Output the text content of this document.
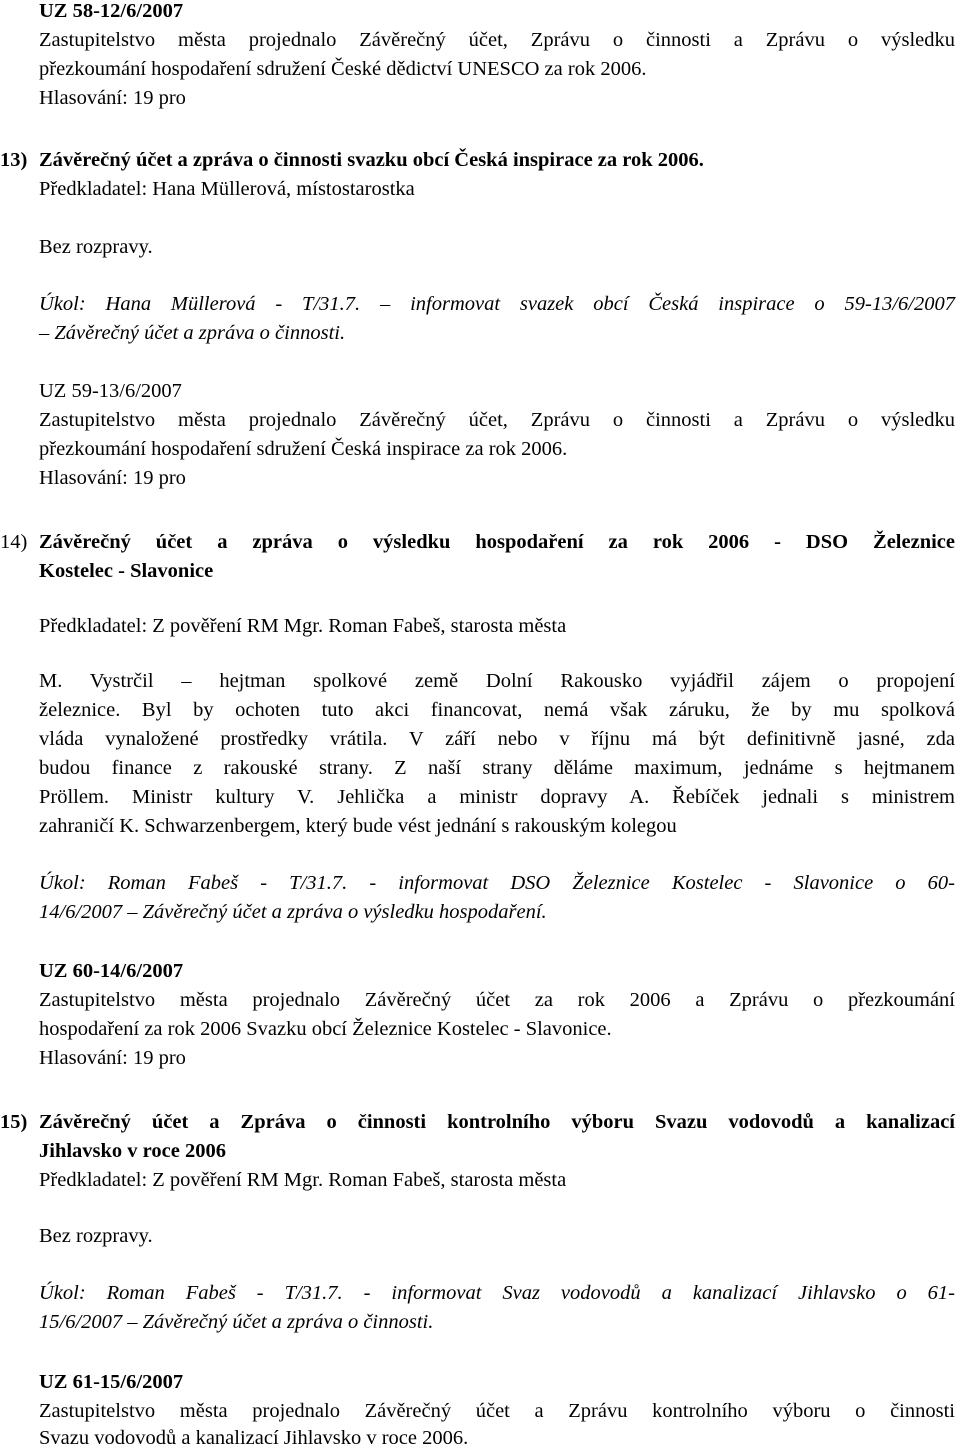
UZ 58-12/6/2007
Zastupitelstvo města projednalo Závěrečný účet, Zprávu o činnosti a Zprávu o výsledku
přezkoumání hospodaření sdružení České dědictví UNESCO za rok 2006.
Hlasování: 19 pro
13) Závěrečný účet a zpráva o činnosti svazku obcí Česká inspirace za rok 2006.
Předkladatel: Hana Müllerová, místostarostka
Bez rozpravy.
Úkol: Hana Müllerová - T/31.7. – informovat svazek obcí Česká inspirace o 59-13/6/2007
– Závěrečný účet a zpráva o činnosti.
UZ 59-13/6/2007
Zastupitelstvo města projednalo Závěrečný účet, Zprávu o činnosti a Zprávu o výsledku
přezkoumání hospodaření sdružení Česká inspirace za rok 2006.
Hlasování: 19 pro
14) Závěrečný účet a zpráva o výsledku hospodaření za rok 2006 - DSO Železnice
Kostelec - Slavonice
Předkladatel: Z pověření RM Mgr. Roman Fabeš, starosta města
M. Vystrčil – hejtman spolkové země Dolní Rakousko vyjádřil zájem o propojení
železnice. Byl by ochoten tuto akci financovat, nemá však záruku, že by mu spolková
vláda vynaložené prostředky vrátila. V září nebo v říjnu má být definitivně jasné, zda
budou finance z rakouské strany. Z naší strany děláme maximum, jednáme s hejtmanem
Pröllem. Ministr kultury V. Jehlička a ministr dopravy A. Řebíček jednali s ministrem
zahraničí K. Schwarzenbergem, který bude vést jednání s rakouským kolegou
Úkol: Roman Fabeš - T/31.7. - informovat DSO Železnice Kostelec - Slavonice o 60-
14/6/2007 – Závěrečný účet a zpráva o výsledku hospodaření.
UZ 60-14/6/2007
Zastupitelstvo města projednalo Závěrečný účet za rok 2006 a Zprávu o přezkoumání
hospodaření za rok 2006 Svazku obcí Železnice Kostelec - Slavonice.
Hlasování: 19 pro
15) Závěrečný účet a Zpráva o činnosti kontrolního výboru Svazu vodovodů a kanalizací
Jihlavsko v roce 2006
Předkladatel: Z pověření RM Mgr. Roman Fabeš, starosta města
Bez rozpravy.
Úkol: Roman Fabeš - T/31.7. - informovat Svaz vodovodů a kanalizací Jihlavsko o 61-
15/6/2007 – Závěrečný účet a zpráva o činnosti.
UZ 61-15/6/2007
Zastupitelstvo města projednalo Závěrečný účet a Zprávu kontrolního výboru o činnosti
Svazu vodovodů a kanalizací Jihlavsko v roce 2006.
